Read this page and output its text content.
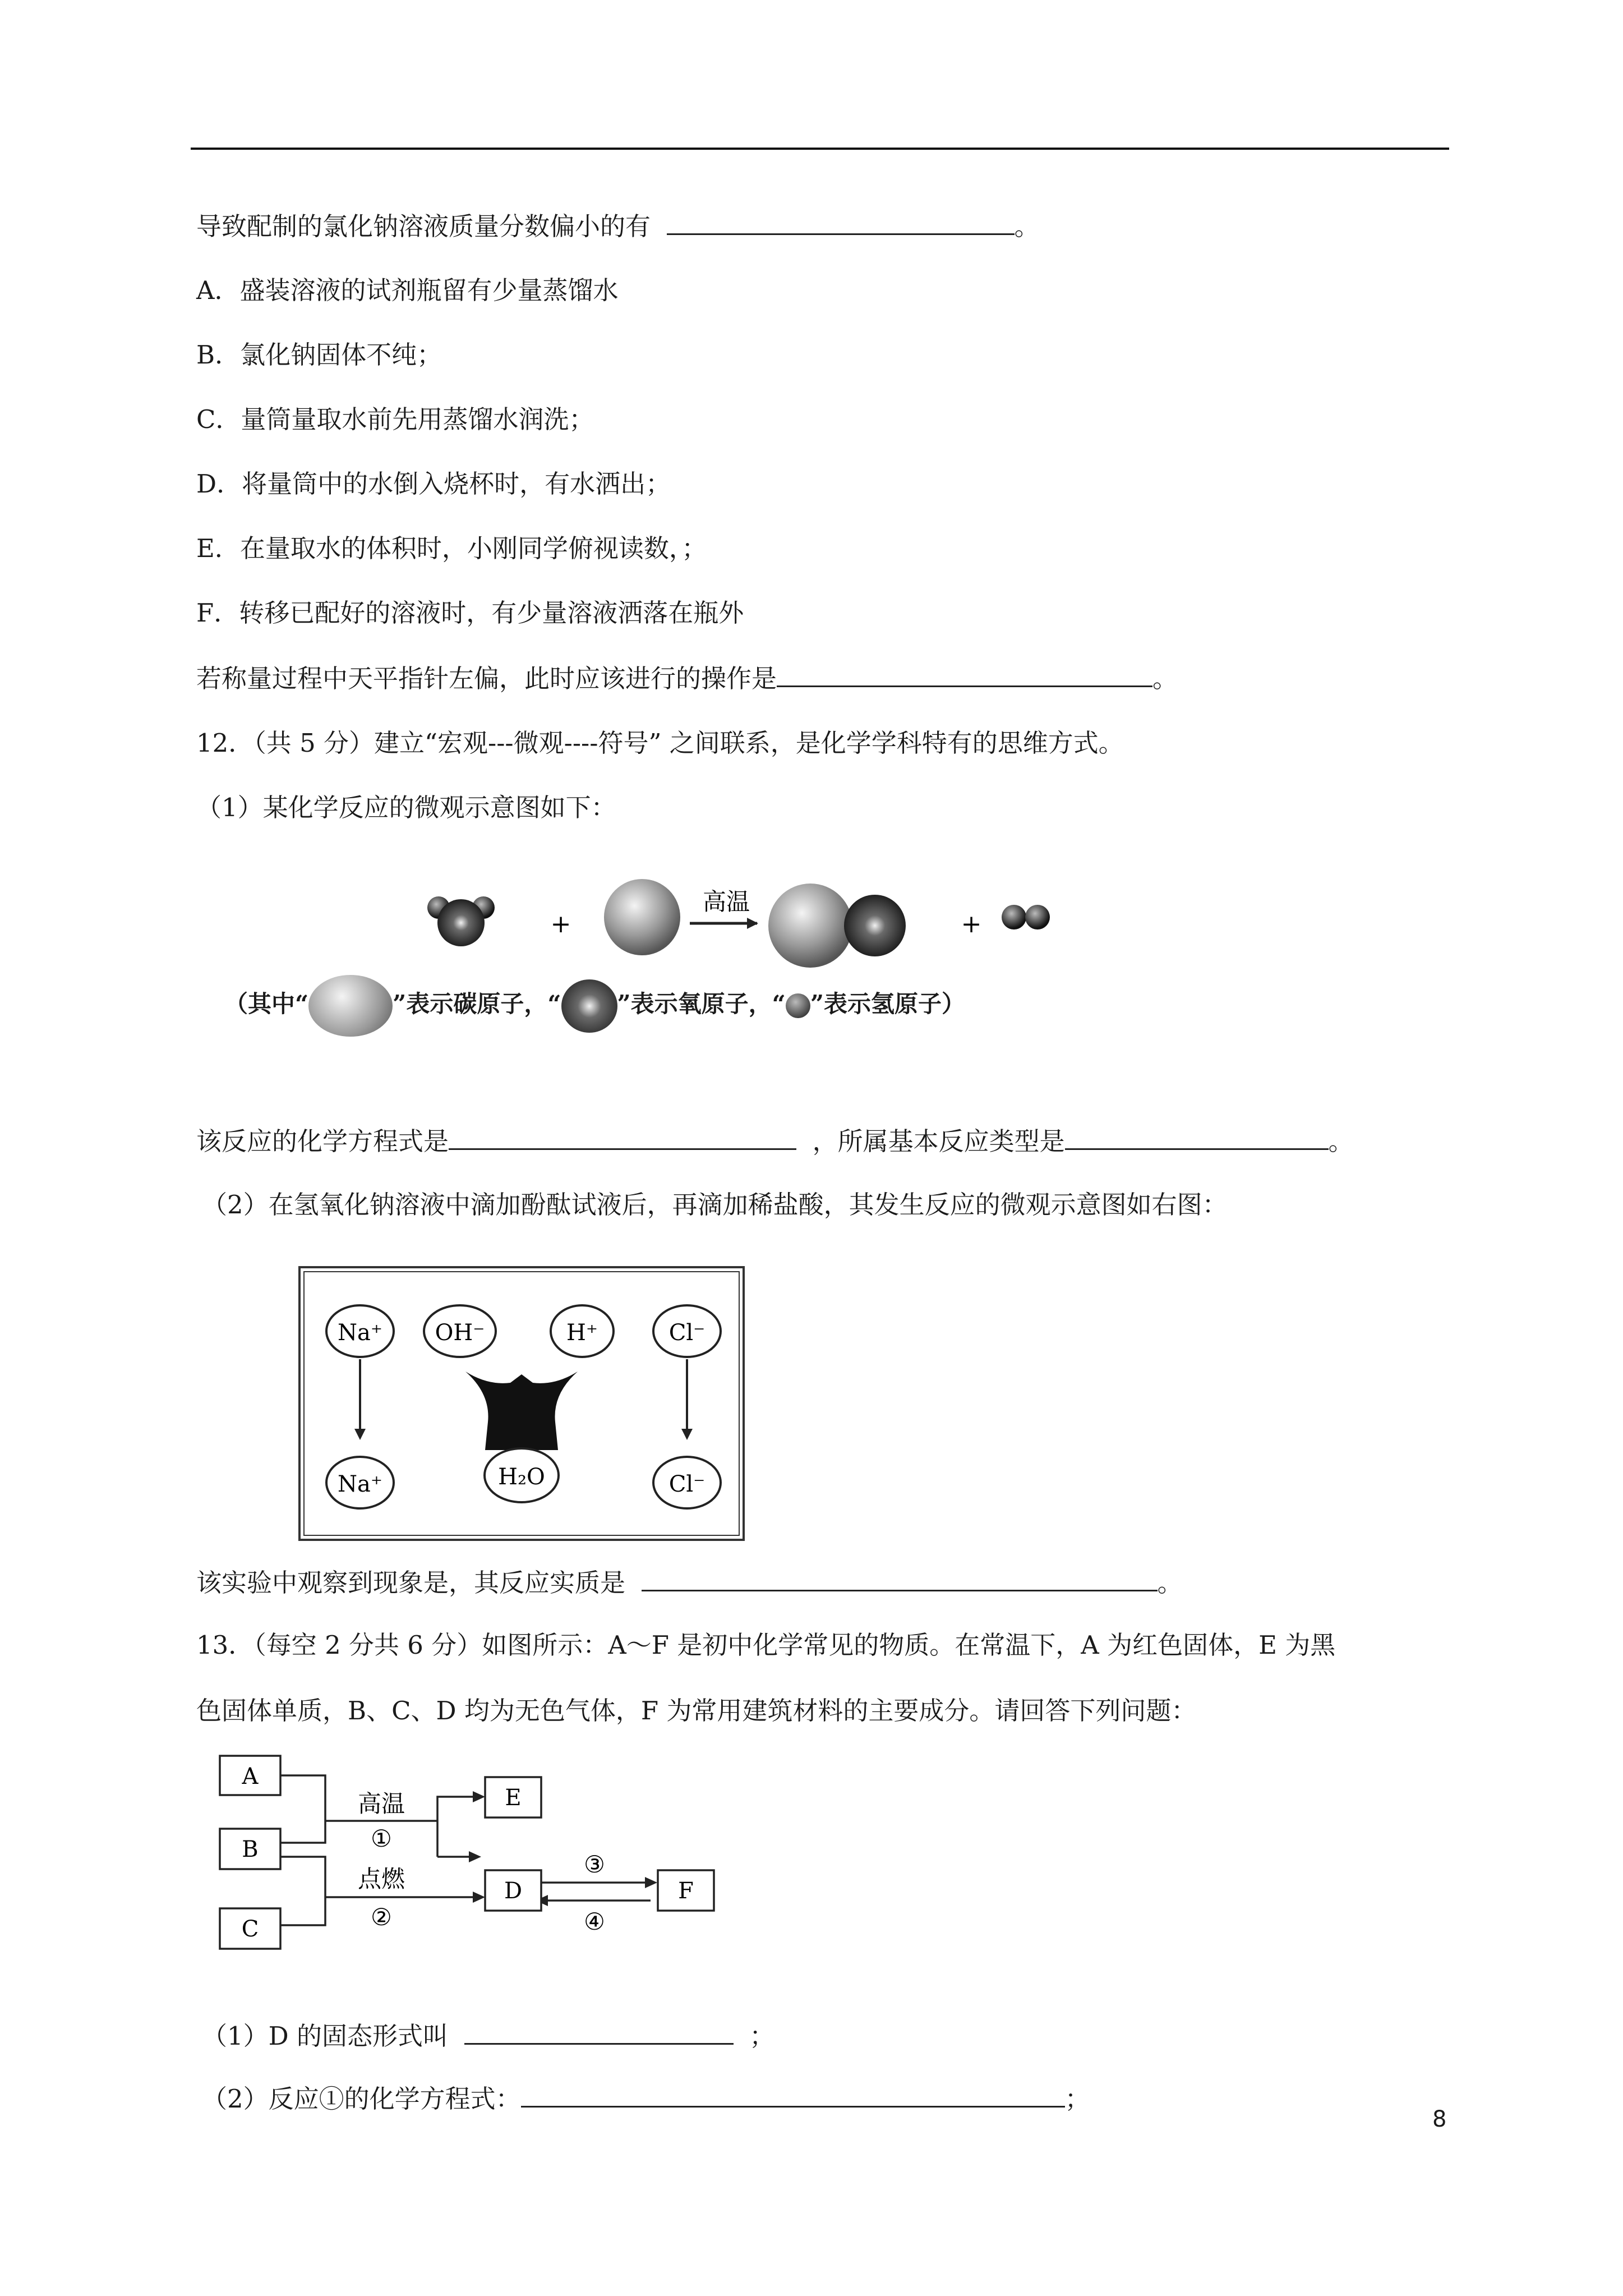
导致配制的氯化钠溶液质量分数偏小的有	。
A．盛装溶液的试剂瓶留有少量蒸馏水
B．氯化钠固体不纯；
C．量筒量取水前先用蒸馏水润洗；
D．将量筒中的水倒入烧杯时，有水洒出；
E．在量取水的体积时，小刚同学俯视读数，；
F．转移已配好的溶液时，有少量溶液洒落在瓶外
若称量过程中天平指针左偏，此时应该进行的操作是	。
12．（共 5 分）建立“宏观---微观----符号” 之间联系，是化学学科特有的思维方式。
（1）某化学反应的微观示意图如下：
+
高温
+
（其中“	”表示碳原子，“ ”表示氧原子，“ ”表示氢原子）
该反应的化学方程式是	，所属基本反应类型是	。
（2）在氢氧化钠溶液中滴加酚酞试液后，再滴加稀盐酸，其发生反应的微观示意图如右图：
Na⁺ OH⁻	H⁺	Cl⁻
Na⁺	H₂O	Cl⁻
该实验中观察到现象是，其反应实质是	。
13．（每空 2 分共 6 分）如图所示：A～F 是初中化学常见的物质。在常温下，A 为红色固体，E 为黑
色固体单质，B、C、D 均为无色气体，F 为常用建筑材料的主要成分。请回答下列问题：
A
B
C
D
E
F
高温
①
点燃
②
③
④
（1）D 的固态形式叫	；
（2）反应①的化学方程式：	；
8
